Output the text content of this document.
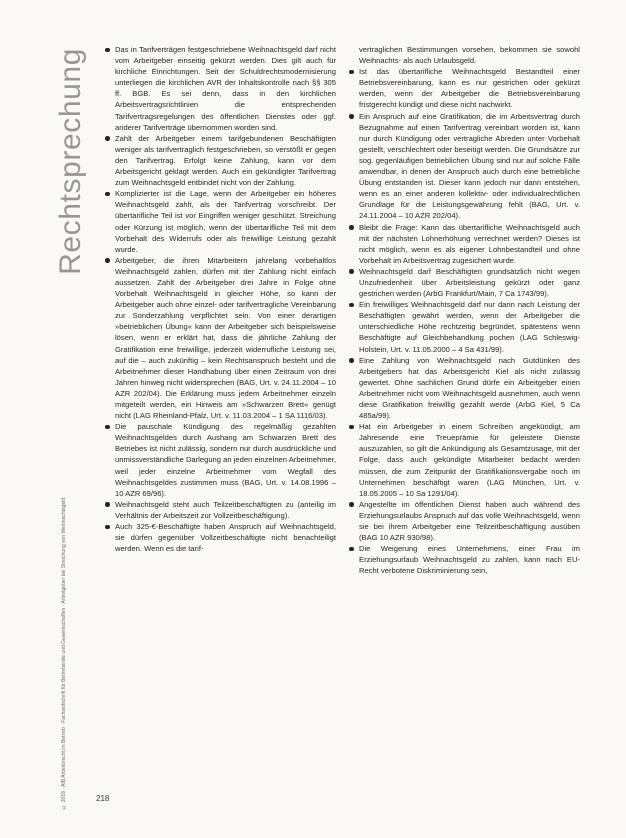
Rechtsprechung
© 2018 · AIB Arbeitsrecht im Betrieb · Fachzeitschrift für Betriebsräte und Gewerkschaften · Arbeitgeber bei Streichung von Weihnachtsgeld

Das in Tarifverträgen festgeschriebene Weihnachtsgeld darf nicht vom Arbeitgeber einseitig gekürzt werden. Dies gilt auch für kirchliche Einrichtungen. Seit der Schuldrechtsmodernisierung unterliegen die kirchlichen AVR der Inhaltskontrolle nach §§ 305 ff. BGB. Es sei denn, dass in den kirchlichen Arbeitsvertragsrichtlinien die entsprechenden Tarifvertragsregelungen des öffentlichen Dienstes oder ggf. anderer Tarifverträge übernommen worden sind.

Zahlt der Arbeitgeber einem tarifgebundenen Beschäftigten weniger als tarifvertraglich festgeschrieben, so verstößt er gegen den Tarifvertrag. Erfolgt keine Zahlung, kann vor dem Arbeitsgericht geklagt werden. Auch ein gekündigter Tarifvertrag zum Weihnachtsgeld entbindet nicht von der Zahlung.

Komplizierter ist die Lage, wenn der Arbeitgeber ein höheres Weihnachtsgeld zahlt, als der Tarifvertrag vorschreibt. Der übertarifliche Teil ist vor Eingriffen weniger geschützt. Streichung oder Kürzung ist möglich, wenn der übertarifliche Teil mit dem Vorbehalt des Widerrufs oder als freiwillige Leistung gezahlt wurde.

Arbeitgeber, die ihren Mitarbeitern jahrelang vorbehaltlos Weihnachtsgeld zahlen, dürfen mit der Zahlung nicht einfach aussetzen. Zahlt der Arbeitgeber drei Jahre in Folge ohne Vorbehalt Weihnachtsgeld in gleicher Höhe, so kann der Arbeitgeber auch ohne einzel- oder tarifvertragliche Vereinbarung zur Sonderzahlung verpflichtet sein. Von einer derartigen »betrieblichen Übung« kann der Arbeitgeber sich beispielsweise lösen, wenn er erklärt hat, dass die jährliche Zahlung der Gratifikation eine freiwillige, jederzeit widerrufliche Leistung sei, auf die – auch zukünftig – kein Rechtsanspruch besteht und die Arbeitnehmer dieser Handhabung über einen Zeitraum von drei Jahren hinweg nicht widersprechen (BAG, Urt. v. 24.11.2004 – 10 AZR 202/04). Die Erklärung muss jedem Arbeitnehmer einzeln mitgeteilt werden, ein Hinweis am »Schwarzen Brett« genügt nicht (LAG Rheinland-Pfalz, Urt. v. 11.03.2004 – 1 SA 1116/03).

Die pauschale Kündigung des regelmäßig gezahlten Weihnachtsgeldes durch Aushang am Schwarzen Brett des Betriebes ist nicht zulässig, sondern nur durch ausdrückliche und unmissverständliche Darlegung an jeden einzelnen Arbeitnehmer, weil jeder einzelne Arbeitnehmer vom Wegfall des Weihnachtsgeldes zustimmen muss (BAG, Urt. v. 14.08.1996 – 10 AZR 69/96).

Weihnachtsgeld steht auch Teilzeitbeschäftigten zu (anteilig im Verhältnis der Arbeitszeit zur Vollzeitbeschäftigung).

Auch 325-€-Beschäftigte haben Anspruch auf Weihnachtsgeld, sie dürfen gegenüber Vollzeitbeschäftigte nicht benachteiligt werden. Wenn es die tarif-

vertraglichen Bestimmungen vorsehen, bekommen sie sowohl Weihnachts- als auch Urlaubsgeld.

Ist das übertarifliche Weihnachtsgeld Bestandteil einer Betriebsvereinbarung, kann es nur gestrichen oder gekürzt werden, wenn der Arbeitgeber die Betriebsvereinbarung fristgerecht kündigt und diese nicht nachwirkt.

Ein Anspruch auf eine Gratifikation, die im Arbeitsvertrag durch Bezugnahme auf einen Tarifvertrag vereinbart worden ist, kann nur durch Kündigung oder vertragliche Abreden unter Vorbehalt gestellt, verschlechtert oder beseitigt werden. Die Grundsätze zur sog. gegenläufigen betrieblichen Übung sind nur auf solche Fälle anwendbar, in denen der Anspruch auch durch eine betriebliche Übung entstanden ist. Dieser kann jedoch nur dann entstehen, wenn es an einer anderen kollektiv- oder individualrechtlichen Grundlage für die Leistungsgewährung fehlt (BAG, Urt. v. 24.11.2004 – 10 AZR 202/04).

Bleibt die Frage: Kann das übertarifliche Weihnachtsgeld auch mit der nächsten Lohnerhöhung verrechnet werden? Dieses ist nicht möglich, wenn es als eigener Lohnbestandteil und ohne Vorbehalt im Arbeitsvertrag zugesichert wurde.

Weihnachtsgeld darf Beschäftigten grundsätzlich nicht wegen Unzufriedenheit über Arbeitsleistung gekürzt oder ganz gestrichen werden (ArbG Frankfurt/Main, 7 Ca 1743/99).

Ein freiwilliges Weihnachtsgeld darf nur dann nach Leistung der Beschäftigten gewährt werden, wenn der Arbeitgeber die unterschiedliche Höhe rechtzeitig begründet, spätestens wenn Beschäftigte auf Gleichbehandlung pochen (LAG Schleswig-Holstein, Urt. v. 11.05.2000 – 4 Sa 431/99).

Eine Zahlung von Weihnachtsgeld nach Gutdünken des Arbeitgebers hat das Arbeitsgericht Kiel als nicht zulässig gewertet. Ohne sachlichen Grund dürfe ein Arbeitgeber einen Arbeitnehmer nicht vom Weihnachtsgeld ausnehmen, auch wenn diese Gratifikation freiwillig gezahlt werde (ArbG Kiel, 5 Ca 485a/99).

Hat ein Arbeitgeber in einem Schreiben angekündigt, am Jahresende eine Treueprämie für geleistete Dienste auszuzahlen, so gilt die Ankündigung als Gesamtzusage, mit der Folge, dass auch gekündigte Mitarbeiter bedacht werden müssen, die zum Zeitpunkt der Gratifikationsvergabe noch im Unternehmen beschäftigt waren (LAG München, Urt. v. 18.05.2005 – 10 Sa 1291/04).

Angestellte im öffentlichen Dienst haben auch während des Erziehungsurlaubs Anspruch auf das volle Weihnachtsgeld, wenn sie bei ihrem Arbeitgeber eine Teilzeitbeschäftigung ausüben (BAG 10 AZR 930/98).

Die Weigerung eines Unternehmens, einer Frau im Erziehungsurlaub Weihnachtsgeld zu zahlen, kann nach EU-Recht verbotene Diskriminierung sein,

218
